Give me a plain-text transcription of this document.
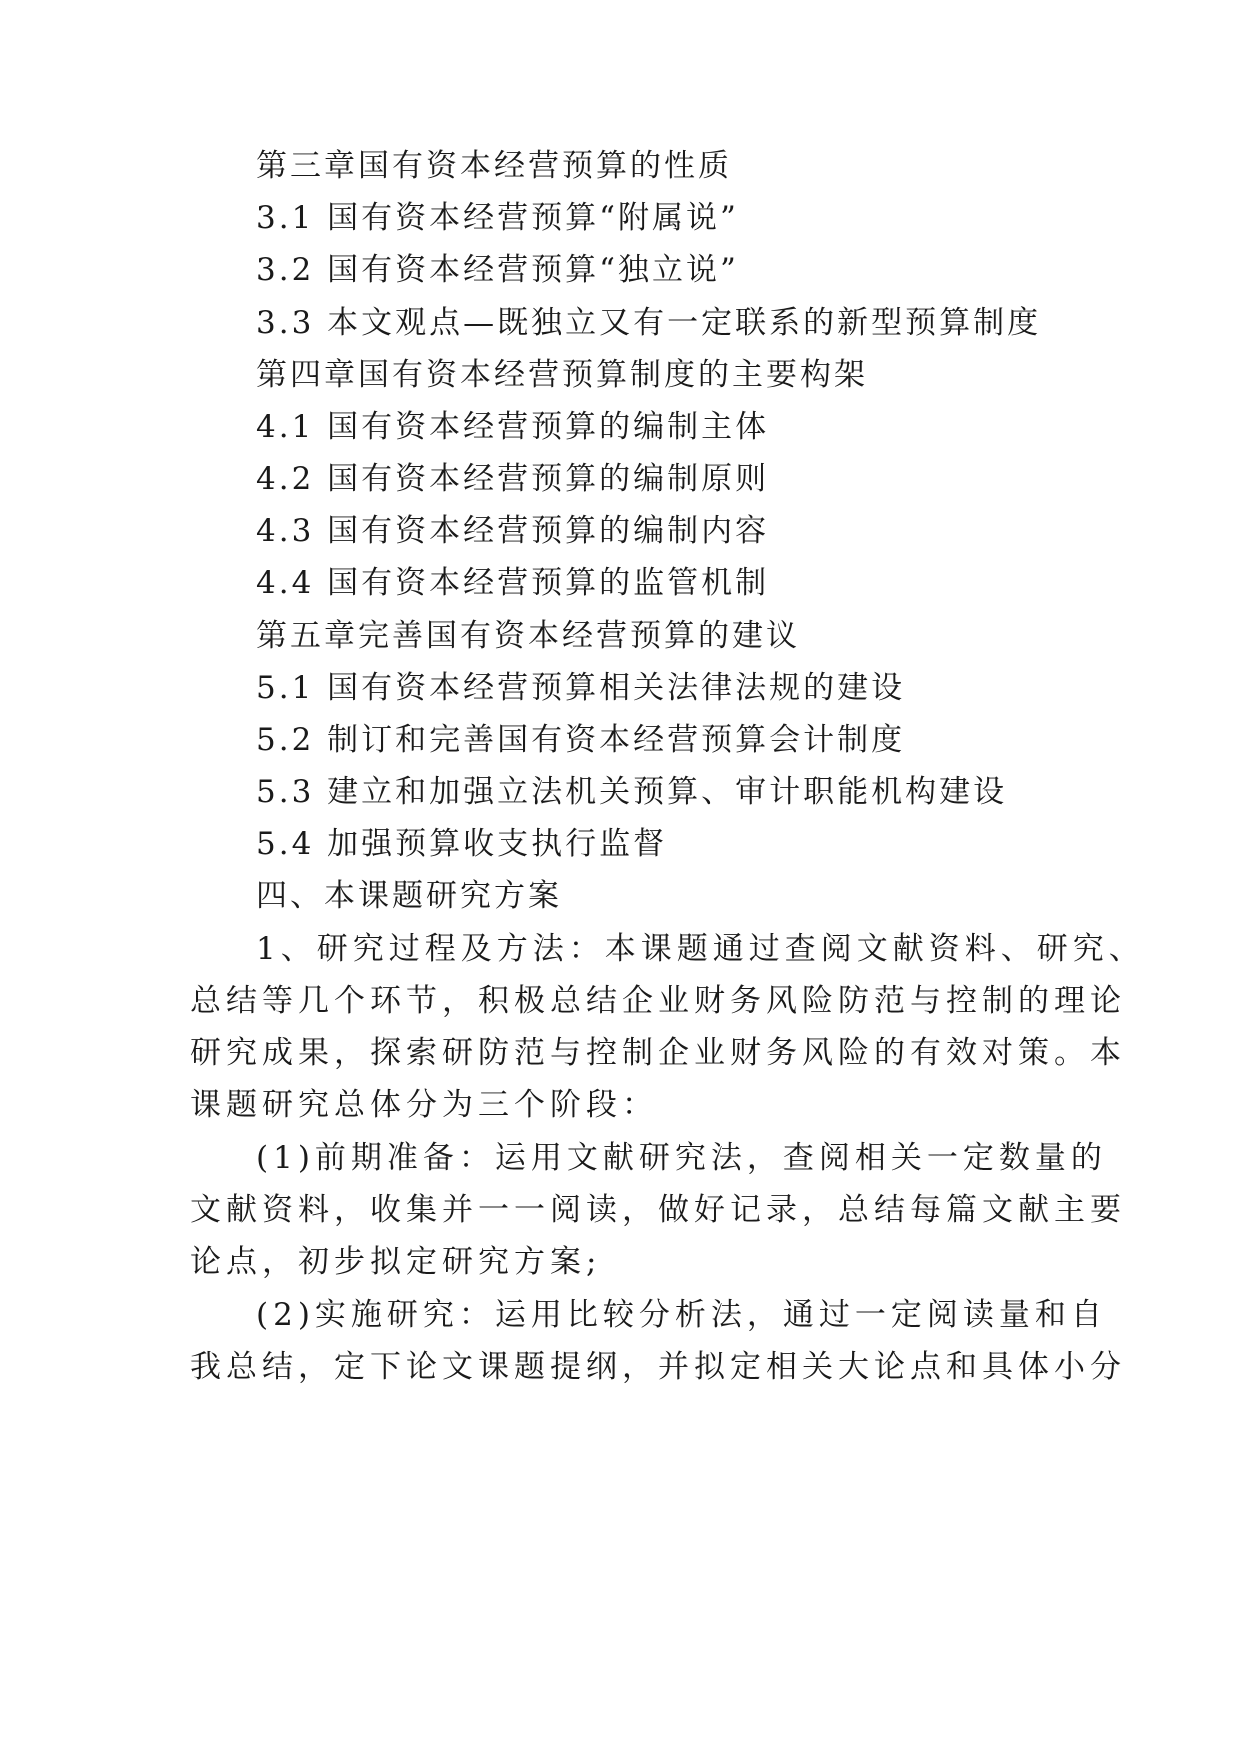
第三章国有资本经营预算的性质
3.1 国有资本经营预算“附属说”
3.2 国有资本经营预算“独立说”
3.3 本文观点—既独立又有一定联系的新型预算制度
第四章国有资本经营预算制度的主要构架
4.1 国有资本经营预算的编制主体
4.2 国有资本经营预算的编制原则
4.3 国有资本经营预算的编制内容
4.4 国有资本经营预算的监管机制
第五章完善国有资本经营预算的建议
5.1 国有资本经营预算相关法律法规的建设
5.2 制订和完善国有资本经营预算会计制度
5.3 建立和加强立法机关预算、审计职能机构建设
5.4 加强预算收支执行监督
四、本课题研究方案
1、研究过程及方法：本课题通过查阅文献资料、研究、
总结等几个环节，积极总结企业财务风险防范与控制的理论
研究成果，探索研防范与控制企业财务风险的有效对策。本
课题研究总体分为三个阶段：
(1)前期准备：运用文献研究法，查阅相关一定数量的
文献资料，收集并一一阅读，做好记录，总结每篇文献主要
论点，初步拟定研究方案;
(2)实施研究：运用比较分析法，通过一定阅读量和自
我总结，定下论文课题提纲，并拟定相关大论点和具体小分
